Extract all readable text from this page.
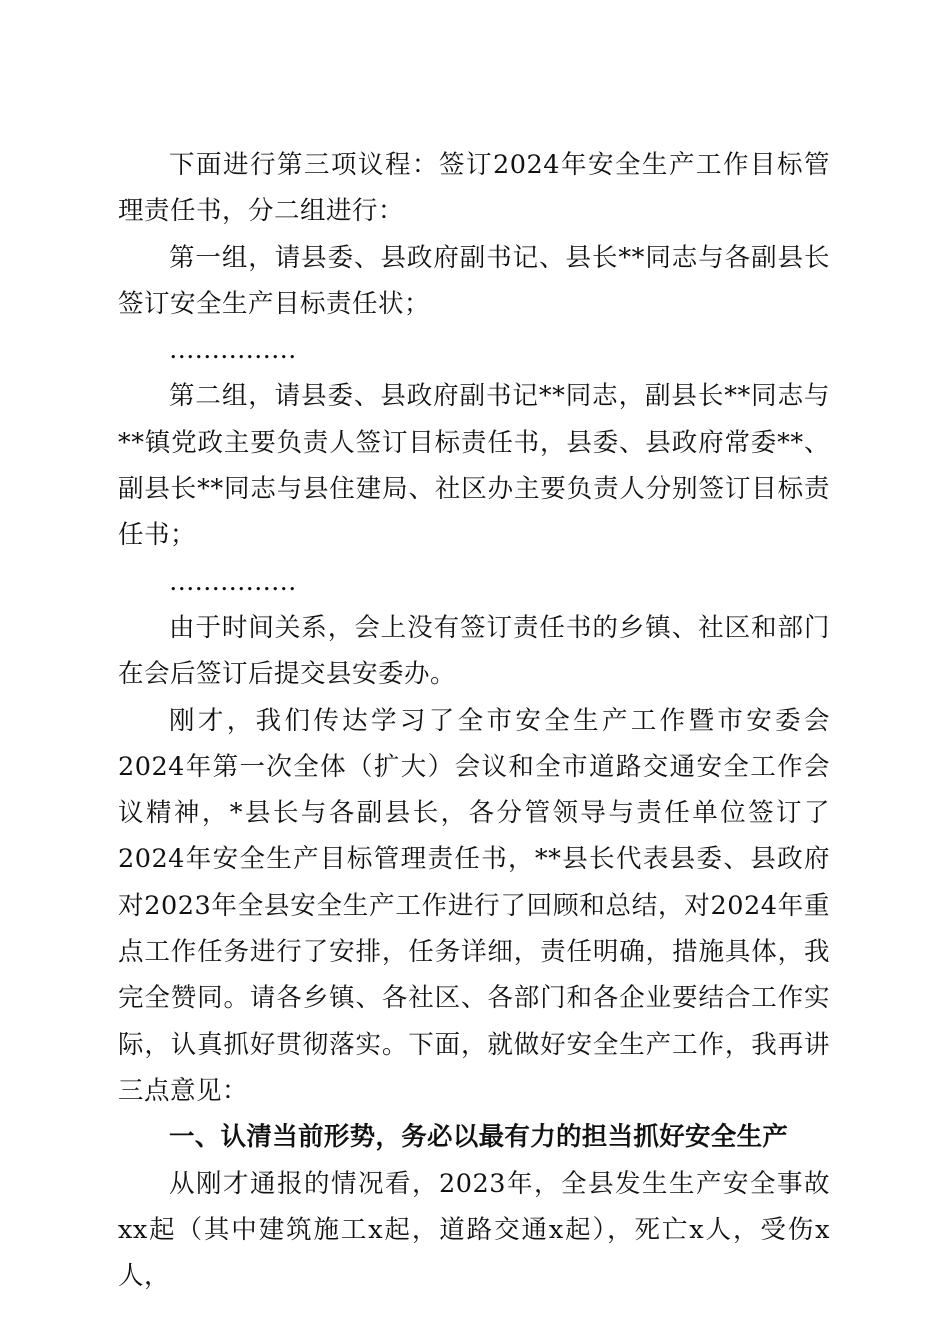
下面进行第三项议程：签订2024年安全生产工作目标管理责任书，分二组进行：

第一组，请县委、县政府副书记、县长**同志与各副县长签订安全生产目标责任状；

……………

第二组，请县委、县政府副书记**同志，副县长**同志与**镇党政主要负责人签订目标责任书，县委、县政府常委**、副县长**同志与县住建局、社区办主要负责人分别签订目标责任书；

……………

由于时间关系，会上没有签订责任书的乡镇、社区和部门在会后签订后提交县安委办。

刚才，我们传达学习了全市安全生产工作暨市安委会2024年第一次全体（扩大）会议和全市道路交通安全工作会议精神，*县长与各副县长，各分管领导与责任单位签订了2024年安全生产目标管理责任书，**县长代表县委、县政府对2023年全县安全生产工作进行了回顾和总结，对2024年重点工作任务进行了安排，任务详细，责任明确，措施具体，我完全赞同。请各乡镇、各社区、各部门和各企业要结合工作实际，认真抓好贯彻落实。下面，就做好安全生产工作，我再讲三点意见：

一、认清当前形势，务必以最有力的担当抓好安全生产

从刚才通报的情况看，2023年，全县发生生产安全事故xx起（其中建筑施工x起，道路交通x起），死亡x人，受伤x人，
